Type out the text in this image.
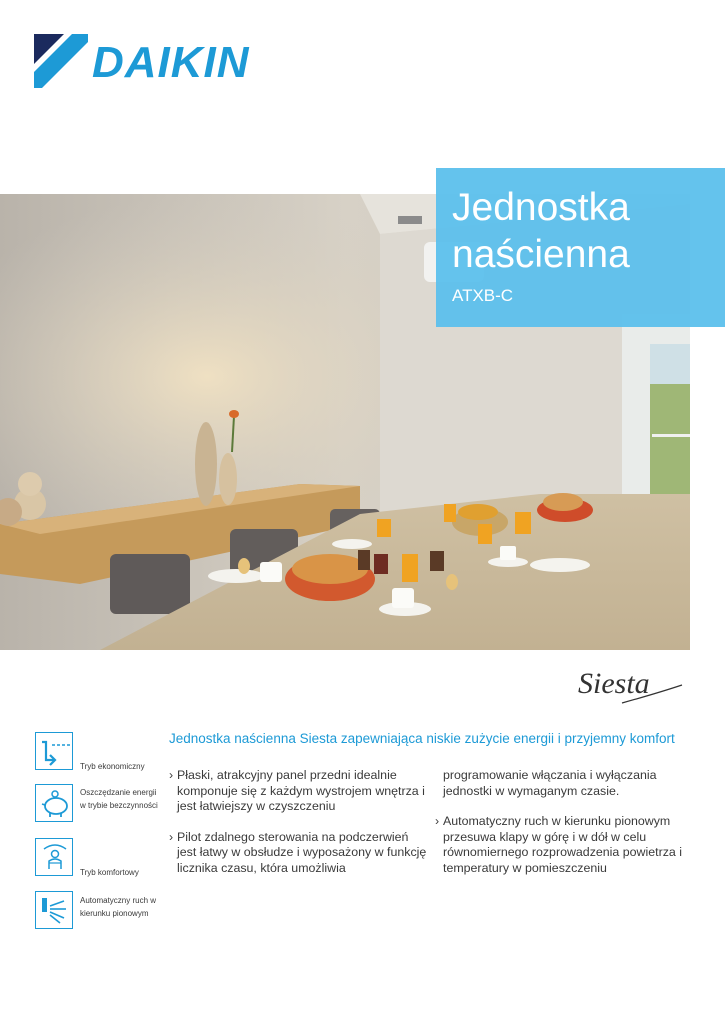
DAIKIN
Jednostka
naścienna
ATXB-C
Siesta
Jednostka naścienna Siesta zapewniająca niskie zużycie energii i przyjemny komfort
Tryb ekonomiczny
Oszczędzanie energii w trybie bezczynności
Tryb komfortowy
Automatyczny ruch w kierunku pionowym
› Płaski, atrakcyjny panel przedni idealnie komponuje się z każdym wystrojem wnętrza i jest łatwiejszy w czyszczeniu
› Pilot zdalnego sterowania na podczerwień jest łatwy w obsłudze i wyposażony w funkcję licznika czasu, która umożliwia
programowanie włączania i wyłączania jednostki w wymaganym czasie.
› Automatyczny ruch w kierunku pionowym przesuwa klapy w górę i w dół w celu równomiernego rozprowadzenia powietrza i temperatury w pomieszczeniu
